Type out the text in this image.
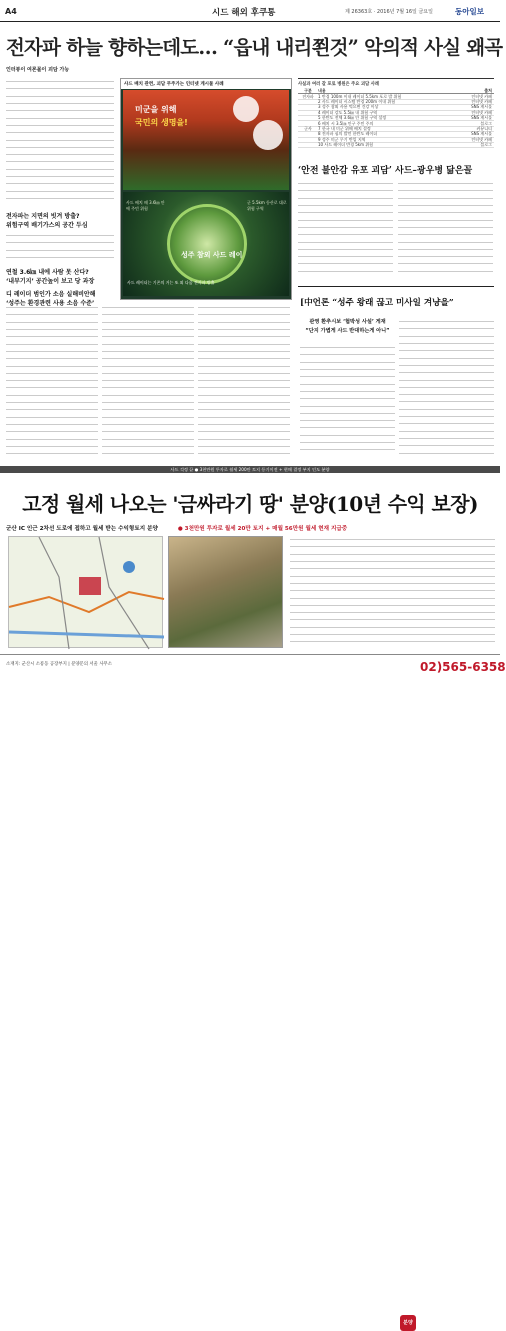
A4	시드 해외 후쿠통	제 26363호 · 2016년 7월 16일 금요일	동아일보
전자파 하늘 향하는데도… “읍내 내리쬔것” 악의적 사실 왜곡
인터뷰이 여론몰이 괴담 가능
전자파는 지면의 빗겨 방출?
위험구역 배기가스의 공간 두심
연철 3.6㎞ 내에 사람 못 산다?
‘내부기지’ 공간높이 보고 당 과장
디 레이더 범인가 소음 실해비안해
사드 배치 관련, 괴담 무주가는 인터넷 게시물 사례
미군을 위해
국민의 생명을!
성주 참외 사드 레이
사드 배치 때 3.6㎞ 안에 주민 위험
군 5.5km 등산로 대로 위험 구역
사드 레이더는 기존의 거는 또 외 다음 전자파 방출
사실과 여러 갈 포로 병원은 주요 괴담 사례
구분	내용	출처
전자파	1 반경 100m 이내 레이더 5.5km 포로 발 위험	인터넷 카페
2 사드 레이더 시스템 반경 200m 이내 위험	인터넷 카페
3 성주 참외 사용 먹으면 건강 이상	SNS 게시물
4 레이더 강도 5.5㎞ 내 위험 구역	인터넷 카페
5 한반도 전체 3.6㎞ 안 위험 구역 설정	SNS 게시물
6 배치 시 3.5㎞ 인구 주민 주의	블로그
군사	7 한국 내 미군 위해 배치 결정	커뮤니티
8 전자파 심의 발언 한반도 레이더	SNS 게시물
9 성주 미군 무기 반입 지역	인터넷 카페
10 사드 레이더 반경 5km 위험	블로그
‘안전 불안감 유포 괴담’ 사드–광우병 닮은꼴
[中언론 “성주 왕래 끊고 미사일 겨냥을”
관영 환추시보 ‘협박성 사설’ 게재
“단지 가볍게 사드 반대하는게 아니”
사드 걱정 끝 ● 3천만원 투자로 월세 200만 토지 등기이전 + 현매 결정 부지 인도 분양
고정 월세 나오는 '금싸라기 땅' 분양(10년 수익 보장)
군산 IC 인근 2차선 도로에 접하고 월세 받는 수익형토지 분양	● 3천만원 투자로 월세 20만 토지 + 매월 56만원 월세 현재 지급중
소재지: 군산시 소룡동 공장부지 | 분양문의 서울 사무소
분양
02)565-6358
